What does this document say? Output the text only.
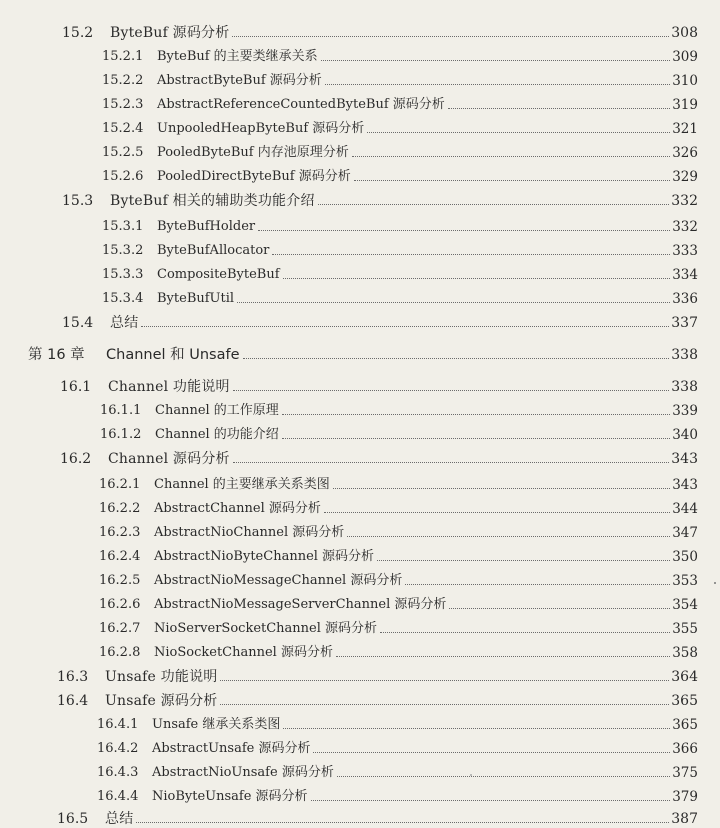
15.2	ByteBuf 源码分析	308
15.2.1	ByteBuf 的主要类继承关系	309
15.2.2	AbstractByteBuf 源码分析	310
15.2.3	AbstractReferenceCountedByteBuf 源码分析	319
15.2.4	UnpooledHeapByteBuf 源码分析	321
15.2.5	PooledByteBuf 内存池原理分析	326
15.2.6	PooledDirectByteBuf 源码分析	329
15.3	ByteBuf 相关的辅助类功能介绍	332
15.3.1	ByteBufHolder	332
15.3.2	ByteBufAllocator	333
15.3.3	CompositeByteBuf	334
15.3.4	ByteBufUtil	336
15.4	总结	337
第 16 章	Channel 和 Unsafe	338
16.1	Channel 功能说明	338
16.1.1	Channel 的工作原理	339
16.1.2	Channel 的功能介绍	340
16.2	Channel 源码分析	343
16.2.1	Channel 的主要继承关系类图	343
16.2.2	AbstractChannel 源码分析	344
16.2.3	AbstractNioChannel 源码分析	347
16.2.4	AbstractNioByteChannel 源码分析	350
16.2.5	AbstractNioMessageChannel 源码分析	353
16.2.6	AbstractNioMessageServerChannel 源码分析	354
16.2.7	NioServerSocketChannel 源码分析	355
16.2.8	NioSocketChannel 源码分析	358
16.3	Unsafe 功能说明	364
16.4	Unsafe 源码分析	365
16.4.1	Unsafe 继承关系类图	365
16.4.2	AbstractUnsafe 源码分析	366
16.4.3	AbstractNioUnsafe 源码分析	375
16.4.4	NioByteUnsafe 源码分析	379
16.5	总结	387
